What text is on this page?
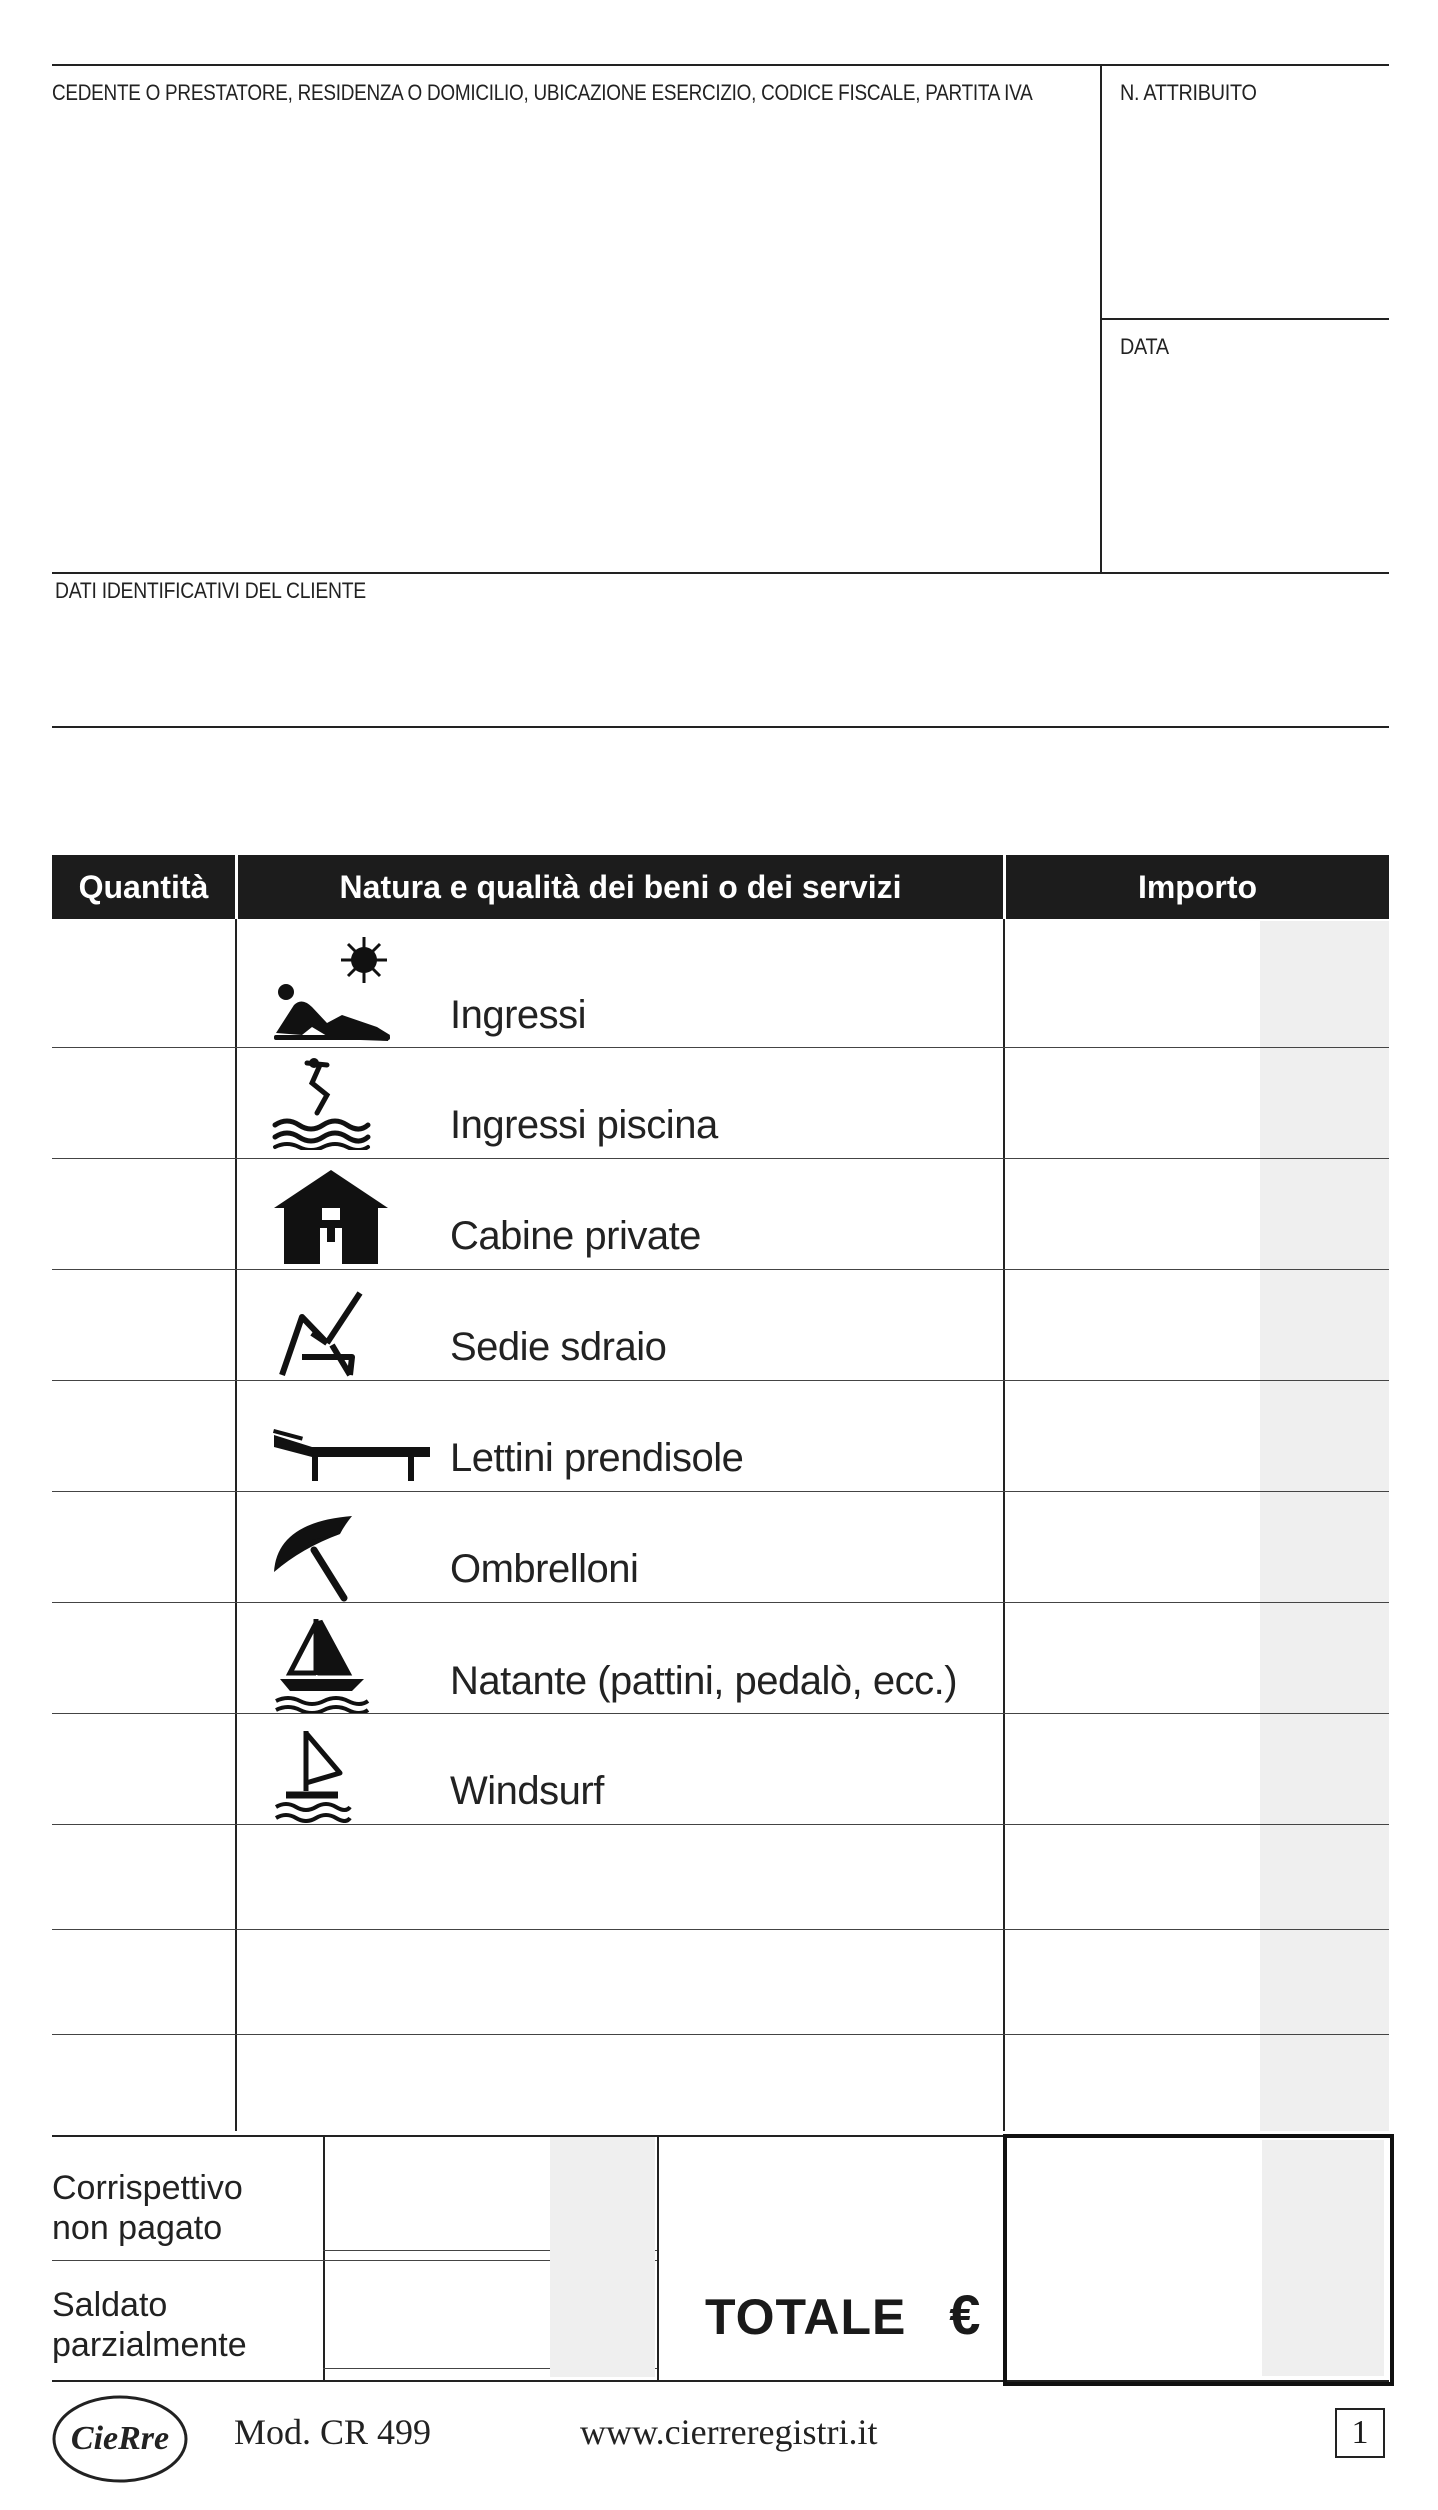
CEDENTE O PRESTATORE, RESIDENZA O DOMICILIO, UBICAZIONE ESERCIZIO, CODICE FISCALE, PARTITA IVA	N. ATTRIBUITO
DATA
DATI IDENTIFICATIVI DEL CLIENTE
Quantità	Natura e qualità dei beni o dei servizi	Importo
Ingressi
Ingressi piscina
Cabine private
Sedie sdraio
Lettini prendisole
Ombrelloni
Natante (pattini, pedalò, ecc.)
Windsurf
Corrispettivo
non pagato
Saldato
parzialmente	TOTALE €
CieRre Mod. CR 499	www.cierreregistri.it	1
